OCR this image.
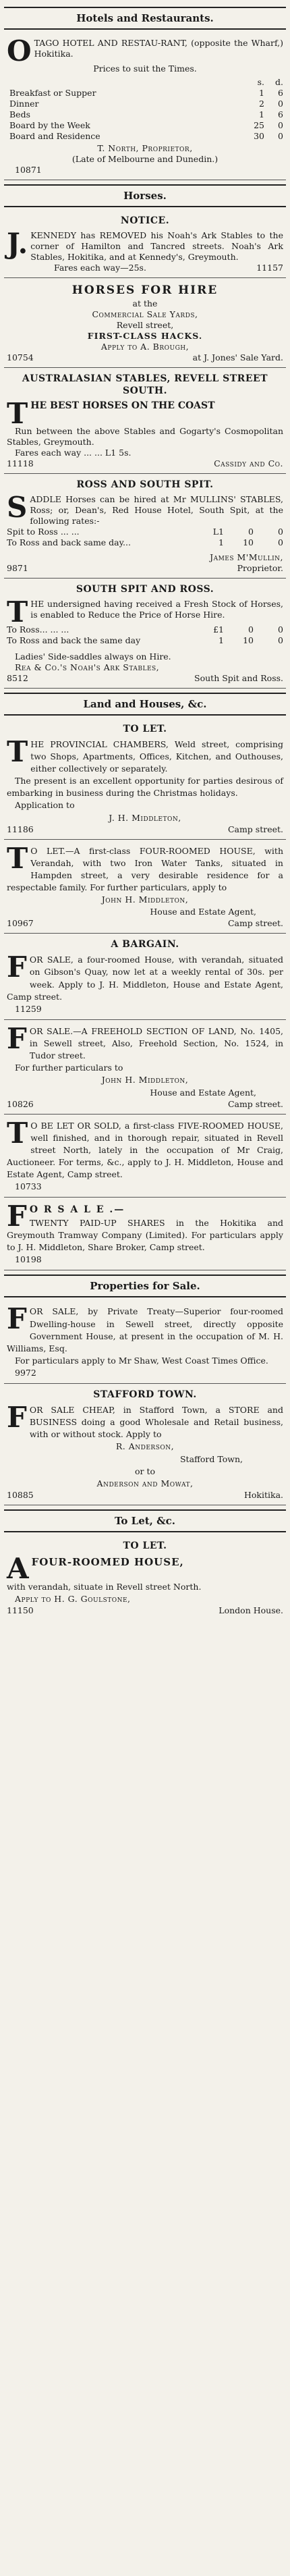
Hotels and Restaurants.
O TAGO HOTEL AND RESTAU-RANT, (opposite the Wharf,) Hokitika.

Prices to suit the Times.

s.	d.
Breakfast or Supper	1	6
Dinner	2	0
Beds	1	6
Board by the Week	25	0
Board and Residence	30	0

T. North, Proprietor,

(Late of Melbourne and Dunedin.)

10871

Horses.
NOTICE.
J. KENNEDY has REMOVED his Noah's Ark Stables to the corner of Hamilton and Tancred streets. Noah's Ark Stables, Hokitika, and at Kennedy's, Greymouth.

Fares each way—25s.	11157

HORSES FOR HIRE

at the

Commercial Sale Yards,

Revell street,

FIRST-CLASS HACKS.

Apply to A. Brough,

10754	at J. Jones' Sale Yard.
AUSTRALASIAN STABLES, REVELL STREET SOUTH.
T HE BEST HORSES ON THE COAST

Run between the above Stables and Gogarty's Cosmopolitan Stables, Greymouth.

Fares each way ... ... L1 5s.

11118	Cassidy and Co.
ROSS AND SOUTH SPIT.
S ADDLE Horses can be hired at Mr MULLINS' STABLES, Ross; or, Dean's, Red House Hotel, South Spit, at the following rates:-

Spit to Ross ... ...	L1	0	0
To Ross and back same day...	1	10	0

James M'Mullin,

9871	Proprietor.
SOUTH SPIT AND ROSS.
T HE undersigned having received a Fresh Stock of Horses, is enabled to Reduce the Price of Horse Hire.

To Ross... ... ...	£1	0	0
To Ross and back the same day	1	10	0

Ladies' Side-saddles always on Hire.

Rea & Co.'s Noah's Ark Stables,

8512	South Spit and Ross.
Land and Houses, &c.
TO LET.
T HE PROVINCIAL CHAMBERS, Weld street, comprising two Shops, Apartments, Offices, Kitchen, and Outhouses, either collectively or separately.

The present is an excellent opportunity for parties desirous of embarking in business during the Christmas holidays.

Application to

J. H. Middleton,

11186	Camp street.
T O LET.—A first-class FOUR-ROOMED HOUSE, with Verandah, with two Iron Water Tanks, situated in Hampden street, a very desirable residence for a respectable family. For further particulars, apply to

John H. Middleton,

House and Estate Agent,

10967	Camp street.
A BARGAIN.
F OR SALE, a four-roomed House, with verandah, situated on Gibson's Quay, now let at a weekly rental of 30s. per week. Apply to J. H. Middleton, House and Estate Agent, Camp street.

11259

F OR SALE.—A FREEHOLD SECTION OF LAND, No. 1405, in Sewell street, Also, Freehold Section, No. 1524, in Tudor street.

For further particulars to

John H. Middleton,

House and Estate Agent,

10826	Camp street.
T O BE LET OR SOLD, a first-class FIVE-ROOMED HOUSE, well finished, and in thorough repair, situated in Revell street North, lately in the occupation of Mr Craig, Auctioneer. For terms, &c., apply to J. H. Middleton, House and Estate Agent, Camp street.

10733

F O R S A L E .—

TWENTY PAID-UP SHARES in the Hokitika and Greymouth Tramway Company (Limited). For particulars apply to J. H. Middleton, Share Broker, Camp street.

10198

Properties for Sale.
F OR SALE, by Private Treaty—Superior four-roomed Dwelling-house in Sewell street, directly opposite Government House, at present in the occupation of M. H. Williams, Esq.

For particulars apply to Mr Shaw, West Coast Times Office.

9972

STAFFORD TOWN.
F OR SALE CHEAP, in Stafford Town, a STORE and BUSINESS doing a good Wholesale and Retail business, with or without stock. Apply to

R. Anderson,

Stafford Town,

or to

Anderson and Mowat,

10885	Hokitika.
To Let, &c.
TO LET.
A FOUR-ROOMED HOUSE,

with verandah, situate in Revell street North.

Apply to H. G. Goulstone,

11150	London House.
